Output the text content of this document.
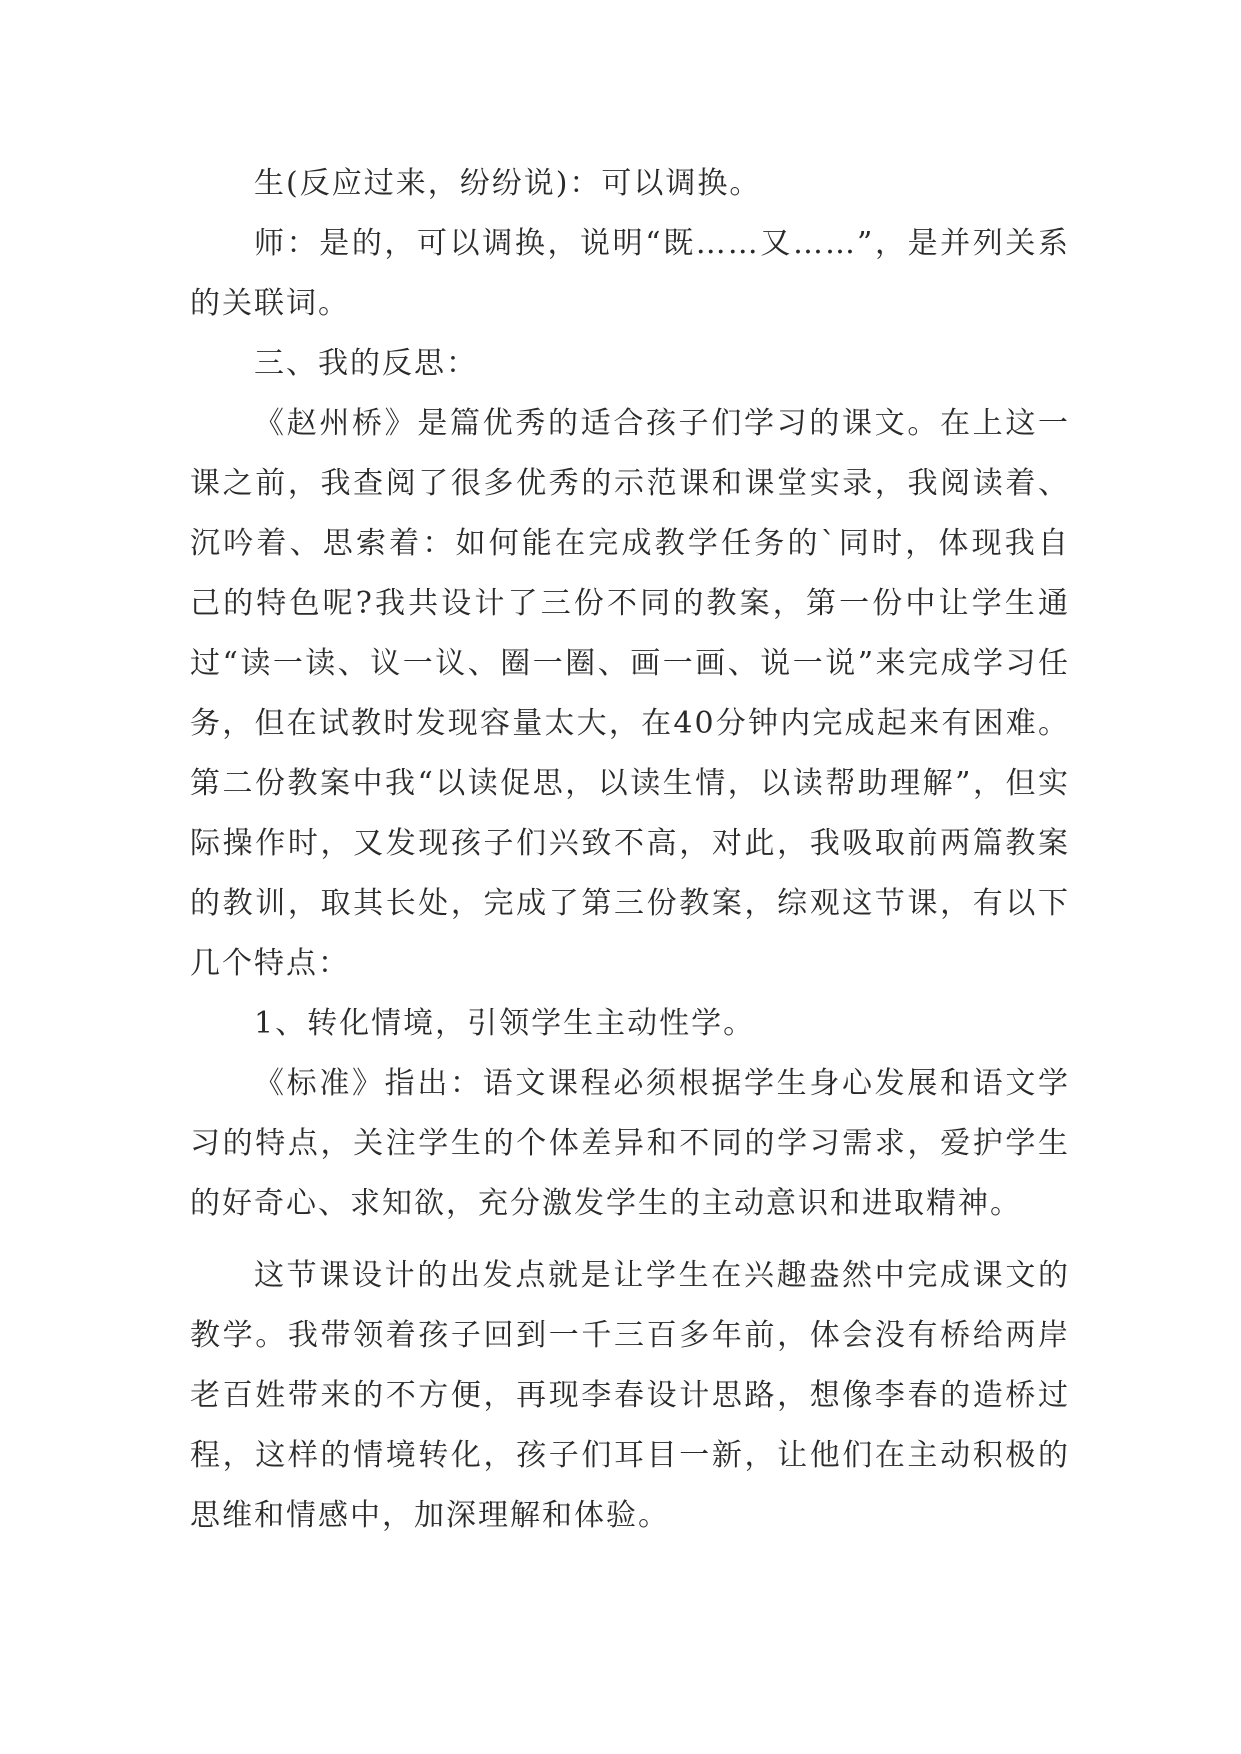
生(反应过来，纷纷说)：可以调换。

师：是的，可以调换，说明“既……又……”，是并列关系的关联词。

三、我的反思：

《赵州桥》是篇优秀的适合孩子们学习的课文。在上这一课之前，我查阅了很多优秀的示范课和课堂实录，我阅读着、沉吟着、思索着：如何能在完成教学任务的`同时，体现我自己的特色呢?我共设计了三份不同的教案，第一份中让学生通过“读一读、议一议、圈一圈、画一画、说一说”来完成学习任务，但在试教时发现容量太大，在40分钟内完成起来有困难。第二份教案中我“以读促思，以读生情，以读帮助理解”，但实际操作时，又发现孩子们兴致不高，对此，我吸取前两篇教案的教训，取其长处，完成了第三份教案，综观这节课，有以下几个特点：

1、转化情境，引领学生主动性学。

《标准》指出：语文课程必须根据学生身心发展和语文学习的特点，关注学生的个体差异和不同的学习需求，爱护学生的好奇心、求知欲，充分激发学生的主动意识和进取精神。

这节课设计的出发点就是让学生在兴趣盎然中完成课文的教学。我带领着孩子回到一千三百多年前，体会没有桥给两岸老百姓带来的不方便，再现李春设计思路，想像李春的造桥过程，这样的情境转化，孩子们耳目一新，让他们在主动积极的思维和情感中，加深理解和体验。
